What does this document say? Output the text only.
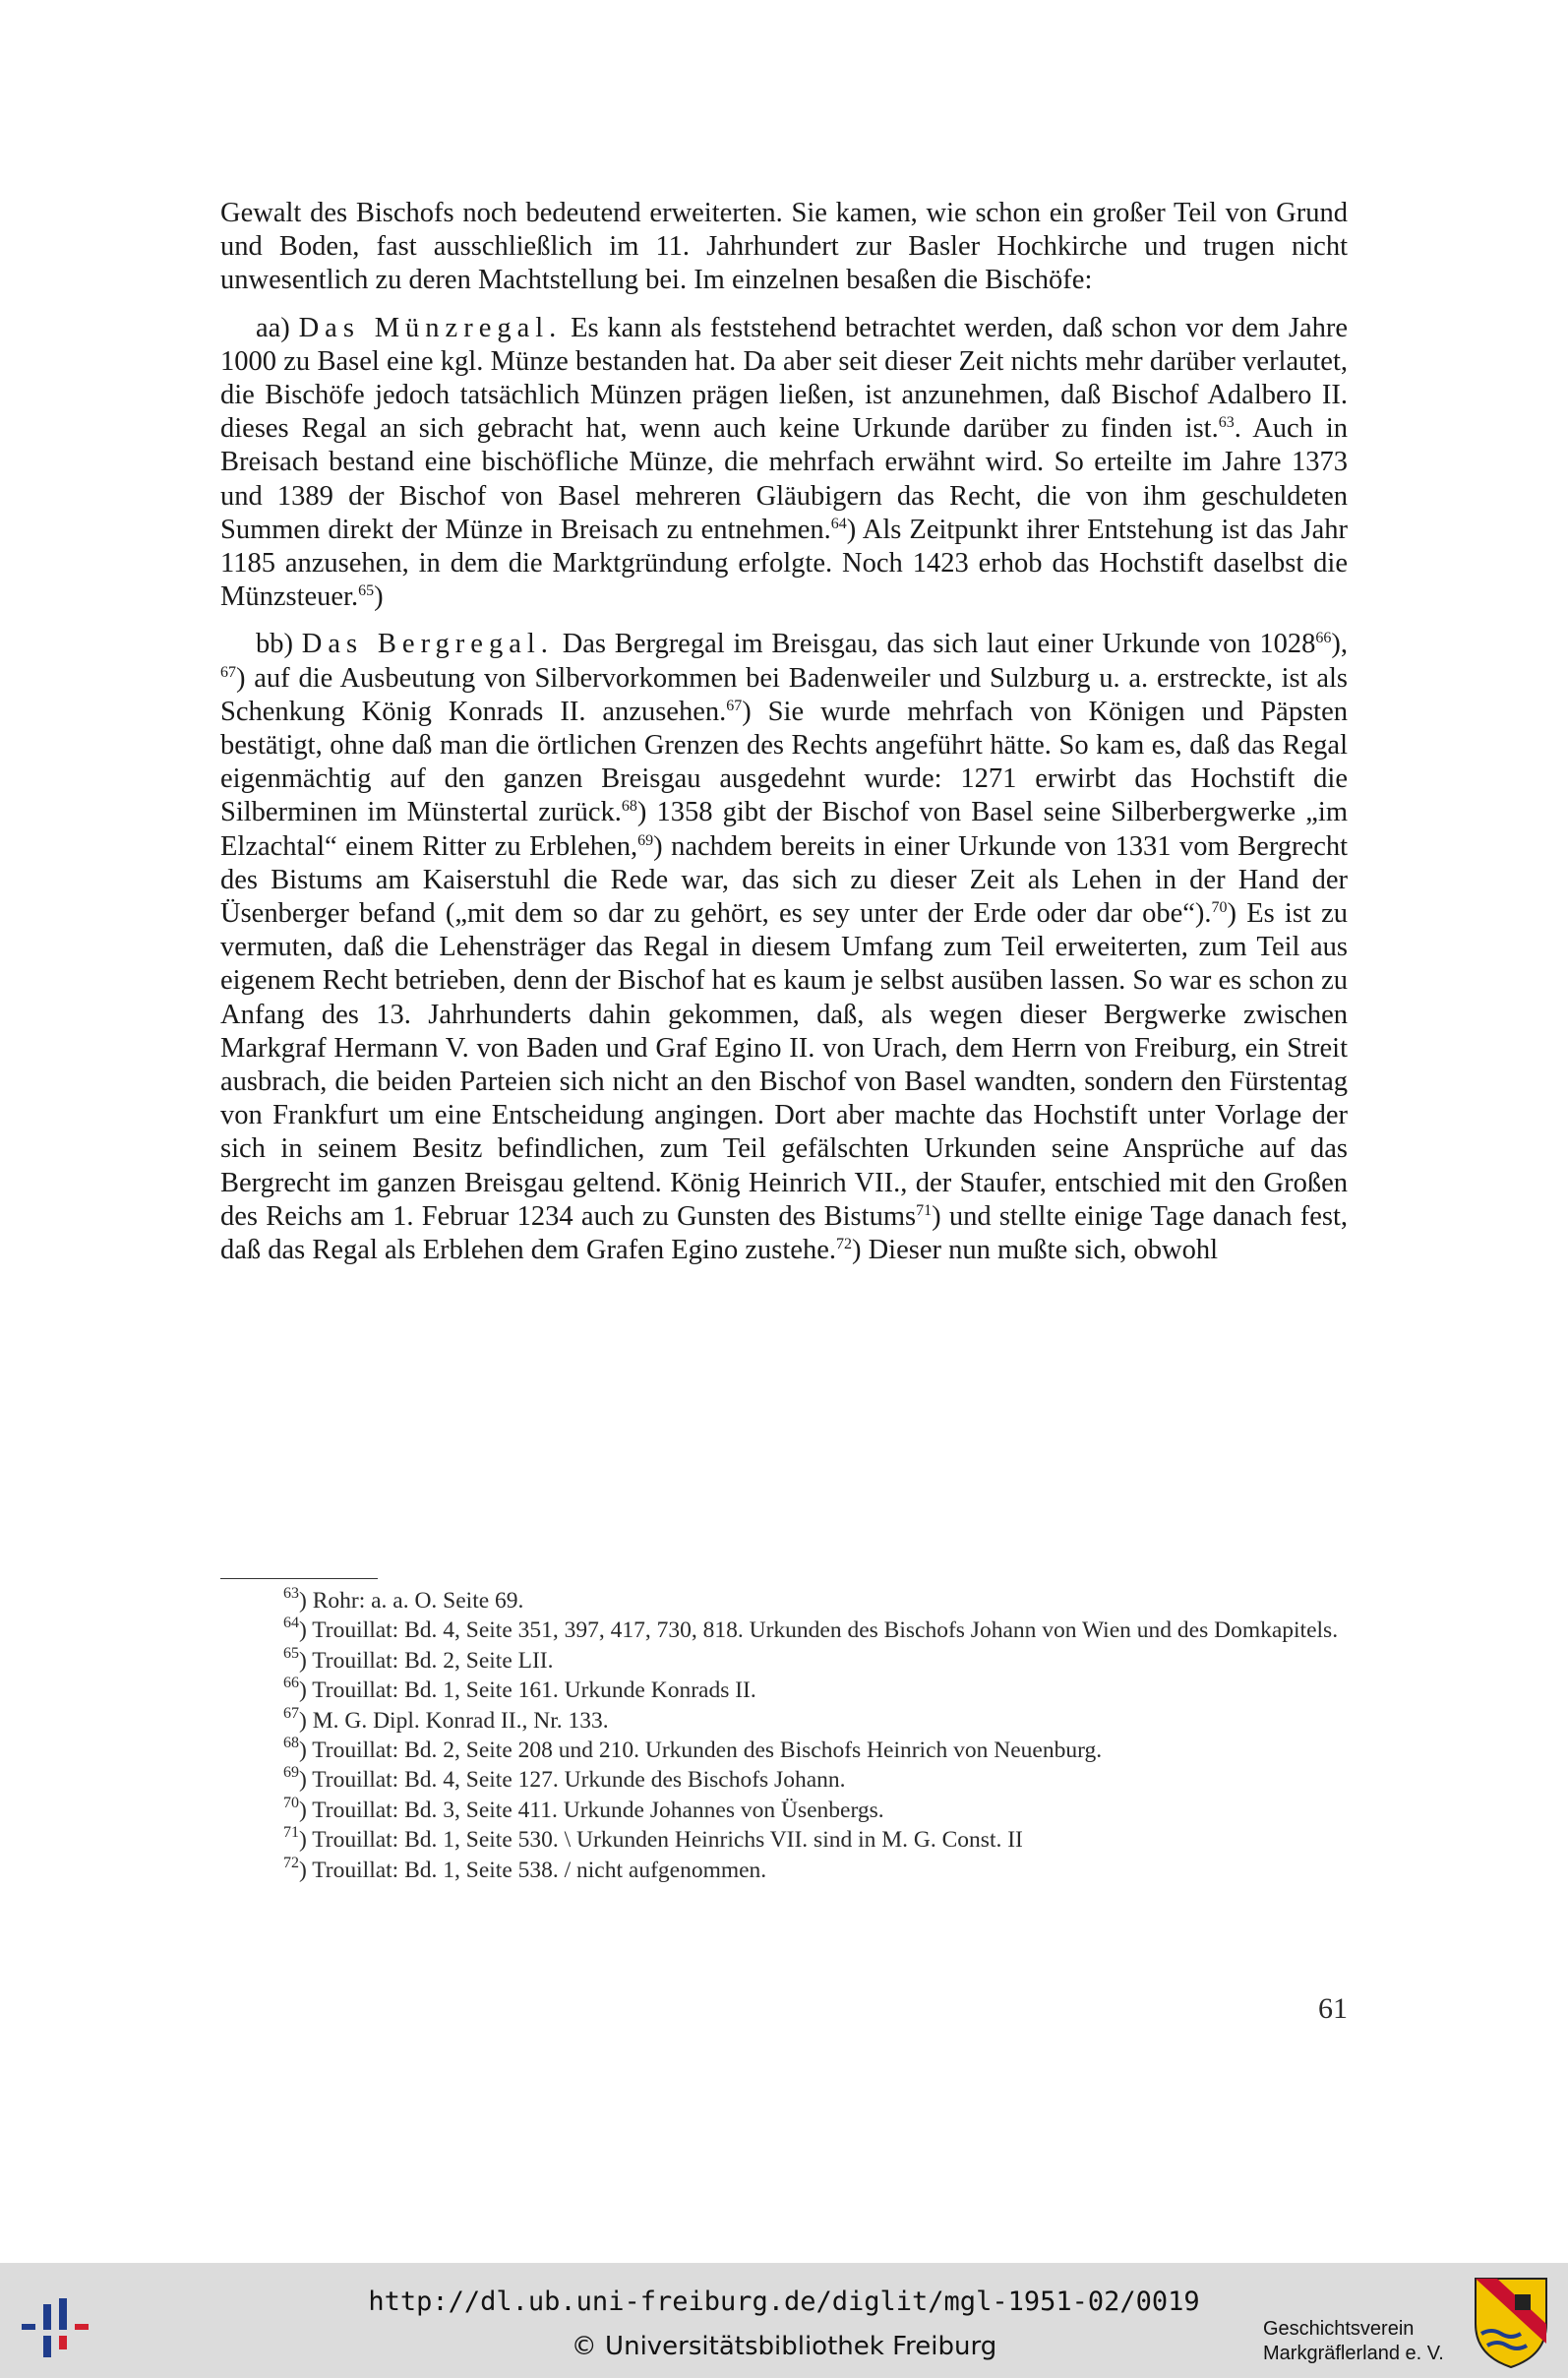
Gewalt des Bischofs noch bedeutend erweiterten. Sie kamen, wie schon ein großer Teil von Grund und Boden, fast ausschließlich im 11. Jahrhundert zur Basler Hochkirche und trugen nicht unwesentlich zu deren Machtstellung bei. Im einzelnen besaßen die Bischöfe:

aa) Das Münzregal. Es kann als feststehend betrachtet werden, daß schon vor dem Jahre 1000 zu Basel eine kgl. Münze bestanden hat. Da aber seit dieser Zeit nichts mehr darüber verlautet, die Bischöfe jedoch tatsächlich Münzen prägen ließen, ist anzunehmen, daß Bischof Adalbero II. dieses Regal an sich gebracht hat, wenn auch keine Urkunde darüber zu finden ist.$^{63}$. Auch in Breisach bestand eine bischöfliche Münze, die mehrfach erwähnt wird. So erteilte im Jahre 1373 und 1389 der Bischof von Basel mehreren Gläubigern das Recht, die von ihm geschuldeten Summen direkt der Münze in Breisach zu entnehmen.$^{64}$) Als Zeitpunkt ihrer Entstehung ist das Jahr 1185 anzusehen, in dem die Marktgründung erfolgte. Noch 1423 erhob das Hochstift daselbst die Münzsteuer.$^{65}$)

bb) Das Bergregal. Das Bergregal im Breisgau, das sich laut einer Urkunde von 1028$^{66}$), $^{67}$) auf die Ausbeutung von Silbervorkommen bei Badenweiler und Sulzburg u. a. erstreckte, ist als Schenkung König Konrads II. anzusehen.$^{67}$) Sie wurde mehrfach von Königen und Päpsten bestätigt, ohne daß man die örtlichen Grenzen des Rechts angeführt hätte. So kam es, daß das Regal eigenmächtig auf den ganzen Breisgau ausgedehnt wurde: 1271 erwirbt das Hochstift die Silberminen im Münstertal zurück.$^{68}$) 1358 gibt der Bischof von Basel seine Silberbergwerke „im Elzachtal“ einem Ritter zu Erblehen,$^{69}$) nachdem bereits in einer Urkunde von 1331 vom Bergrecht des Bistums am Kaiserstuhl die Rede war, das sich zu dieser Zeit als Lehen in der Hand der Üsenberger befand („mit dem so dar zu gehört, es sey unter der Erde oder dar obe“).$^{70}$) Es ist zu vermuten, daß die Lehensträger das Regal in diesem Umfang zum Teil erweiterten, zum Teil aus eigenem Recht betrieben, denn der Bischof hat es kaum je selbst ausüben lassen. So war es schon zu Anfang des 13. Jahrhunderts dahin gekommen, daß, als wegen dieser Bergwerke zwischen Markgraf Hermann V. von Baden und Graf Egino II. von Urach, dem Herrn von Freiburg, ein Streit ausbrach, die beiden Parteien sich nicht an den Bischof von Basel wandten, sondern den Fürstentag von Frankfurt um eine Entscheidung angingen. Dort aber machte das Hochstift unter Vorlage der sich in seinem Besitz befindlichen, zum Teil gefälschten Urkunden seine Ansprüche auf das Bergrecht im ganzen Breisgau geltend. König Heinrich VII., der Staufer, entschied mit den Großen des Reichs am 1. Februar 1234 auch zu Gunsten des Bistums$^{71}$) und stellte einige Tage danach fest, daß das Regal als Erblehen dem Grafen Egino zustehe.$^{72}$) Dieser nun mußte sich, obwohl

$^{63}$) Rohr: a. a. O. Seite 69.

$^{64}$) Trouillat: Bd. 4, Seite 351, 397, 417, 730, 818. Urkunden des Bischofs Johann von Wien und des Domkapitels.

$^{65}$) Trouillat: Bd. 2, Seite LII.

$^{66}$) Trouillat: Bd. 1, Seite 161. Urkunde Konrads II.

$^{67}$) M. G. Dipl. Konrad II., Nr. 133.

$^{68}$) Trouillat: Bd. 2, Seite 208 und 210. Urkunden des Bischofs Heinrich von Neuenburg.

$^{69}$) Trouillat: Bd. 4, Seite 127. Urkunde des Bischofs Johann.

$^{70}$) Trouillat: Bd. 3, Seite 411. Urkunde Johannes von Üsenbergs.

$^{71}$) Trouillat: Bd. 1, Seite 530. \ Urkunden Heinrichs VII. sind in M. G. Const. II

$^{72}$) Trouillat: Bd. 1, Seite 538. / nicht aufgenommen.

61
http://dl.ub.uni-freiburg.de/diglit/mgl-1951-02/0019
© Universitätsbibliothek Freiburg
Geschichtsverein
Markgräflerland e. V.
